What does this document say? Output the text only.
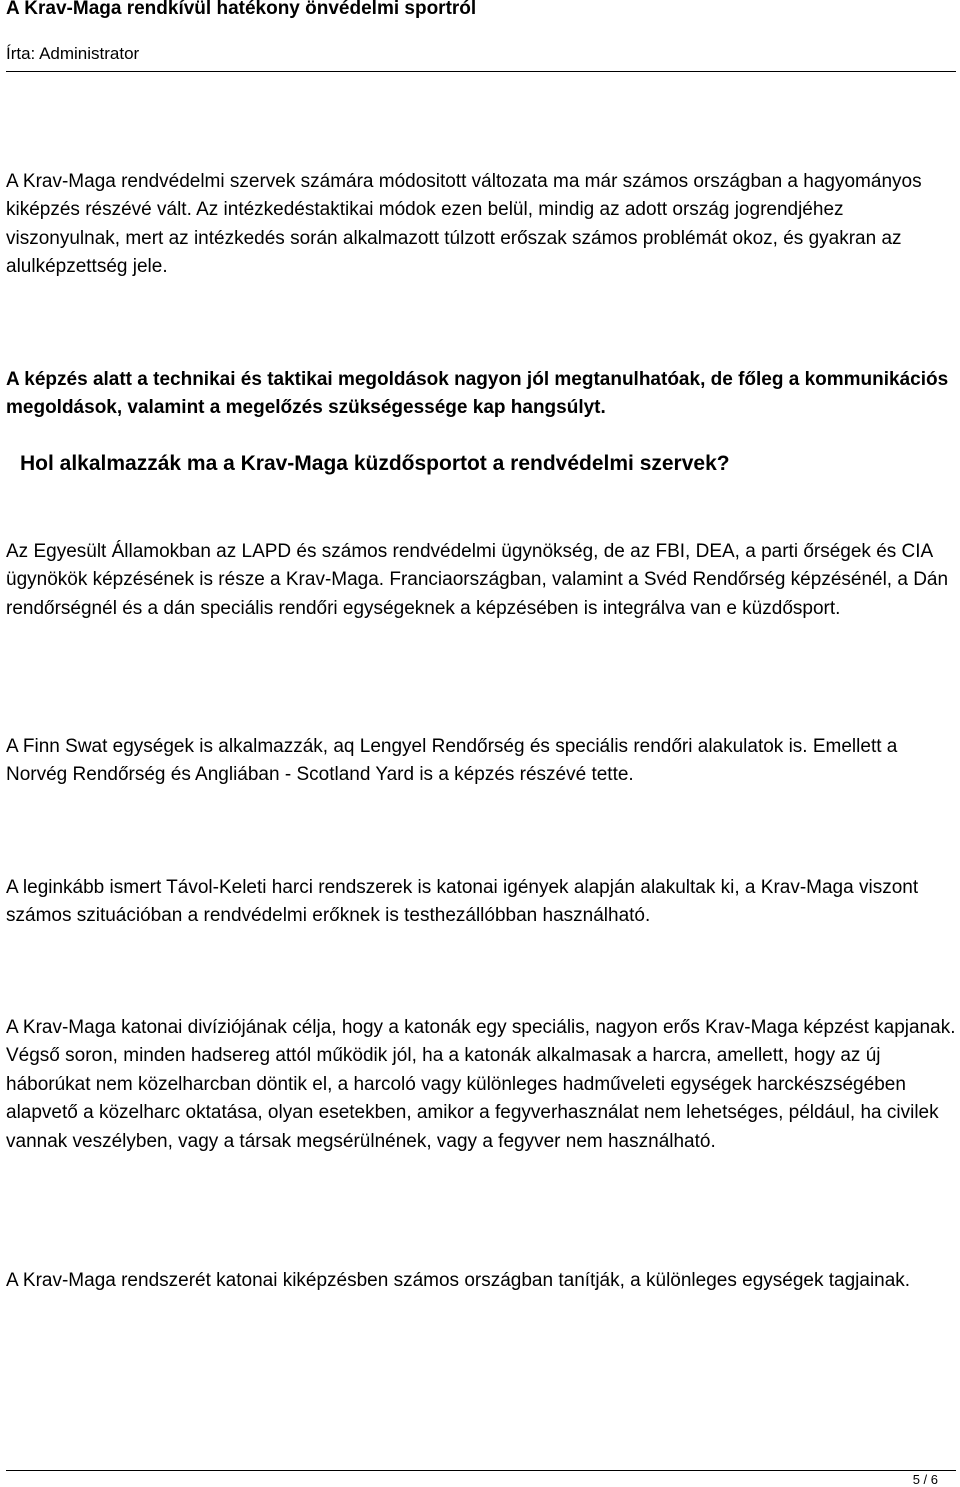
A Krav-Maga rendkívül hatékony önvédelmi sportról
Írta: Administrator

A Krav-Maga rendvédelmi szervek számára módositott változata ma már számos országban a hagyományos kiképzés részévé vált. Az intézkedéstaktikai módok ezen belül, mindig az adott ország jogrendjéhez viszonyulnak, mert az intézkedés során alkalmazott túlzott erőszak számos problémát okoz, és gyakran az alulképzettség jele.

A képzés alatt a technikai és taktikai megoldások nagyon jól megtanulhatóak, de főleg a kommunikációs megoldások, valamint a megelőzés szükségessége kap hangsúlyt.

Hol alkalmazzák ma a Krav-Maga küzdősportot a rendvédelmi szervek?

Az Egyesült Államokban az LAPD és számos rendvédelmi ügynökség, de az FBI, DEA, a parti őrségek és CIA ügynökök képzésének is része a Krav-Maga. Franciaországban, valamint a Svéd Rendőrség képzésénél, a Dán rendőrségnél és a dán speciális rendőri egységeknek a képzésében is integrálva van e küzdősport.

A Finn Swat egységek is alkalmazzák, aq Lengyel Rendőrség és speciális rendőri alakulatok is. Emellett a Norvég Rendőrség és Angliában - Scotland Yard is a képzés részévé tette.

A leginkább ismert Távol-Keleti harci rendszerek is katonai igények alapján alakultak ki, a Krav-Maga viszont számos szituációban a rendvédelmi erőknek is testhezállóbban használható.

A Krav-Maga katonai divíziójának célja, hogy a katonák egy speciális, nagyon erős Krav-Maga képzést kapjanak. Végső soron, minden hadsereg attól működik jól, ha a katonák alkalmasak a harcra, amellett, hogy az új háborúkat nem közelharcban döntik el, a harcoló vagy különleges hadműveleti egységek harckészségében alapvető a közelharc oktatása, olyan esetekben, amikor a fegyverhasználat nem lehetséges, például, ha civilek vannak veszélyben, vagy a társak megsérülnének, vagy a fegyver nem használható.

A Krav-Maga rendszerét katonai kiképzésben számos országban tanítják, a különleges egységek tagjainak.

5 / 6
